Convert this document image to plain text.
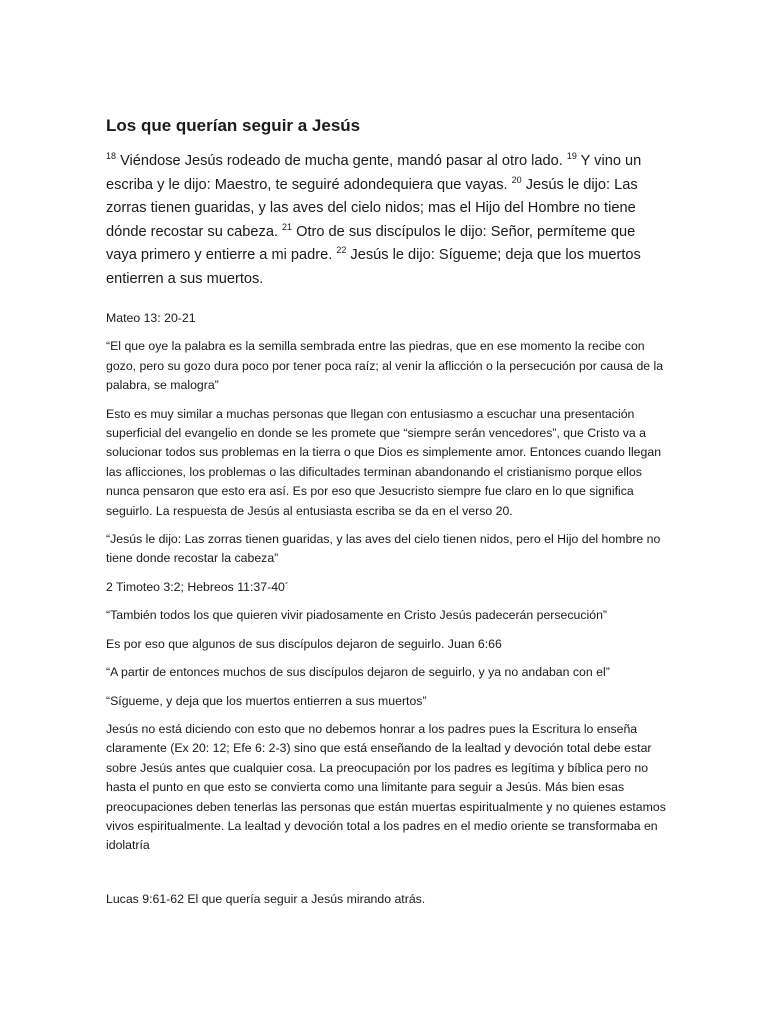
Los que querían seguir a Jesús

$^{18}$ Viéndose Jesús rodeado de mucha gente, mandó pasar al otro lado. $^{19}$ Y vino un escriba y le dijo: Maestro, te seguiré adondequiera que vayas. $^{20}$ Jesús le dijo: Las zorras tienen guaridas, y las aves del cielo nidos; mas el Hijo del Hombre no tiene dónde recostar su cabeza. $^{21}$ Otro de sus discípulos le dijo: Señor, permíteme que vaya primero y entierre a mi padre. $^{22}$ Jesús le dijo: Sígueme; deja que los muertos entierren a sus muertos.

Mateo 13: 20-21

“El que oye la palabra es la semilla sembrada entre las piedras, que en ese momento la recibe con gozo, pero su gozo dura poco por tener poca raíz; al venir la aflicción o la persecución por causa de la palabra, se malogra”

Esto es muy similar a muchas personas que llegan con entusiasmo a escuchar una presentación superficial del evangelio en donde se les promete que “siempre serán vencedores”, que Cristo va a solucionar todos sus problemas en la tierra o que Dios es simplemente amor. Entonces cuando llegan las aflicciones, los problemas o las dificultades terminan abandonando el cristianismo porque ellos nunca pensaron que esto era así. Es por eso que Jesucristo siempre fue claro en lo que significa seguirlo. La respuesta de Jesús al entusiasta escriba se da en el verso 20.

“Jesús le dijo: Las zorras tienen guaridas, y las aves del cielo tienen nidos, pero el Hijo del hombre no tiene donde recostar la cabeza”

2 Timoteo 3:2; Hebreos 11:37-40´

“También todos los que quieren vivir piadosamente en Cristo Jesús padecerán persecución”

Es por eso que algunos de sus discípulos dejaron de seguirlo. Juan 6:66

“A partir de entonces muchos de sus discípulos dejaron de seguirlo, y ya no andaban con el”

“Sígueme, y deja que los muertos entierren a sus muertos”

Jesús no está diciendo con esto que no debemos honrar a los padres pues la Escritura lo enseña claramente (Ex 20: 12; Efe 6: 2-3) sino que está enseñando de la lealtad y devoción total debe estar sobre Jesús antes que cualquier cosa. La preocupación por los padres es legítima y bíblica pero no hasta el punto en que esto se convierta como una limitante para seguir a Jesús. Más bien esas preocupaciones deben tenerlas las personas que están muertas espiritualmente y no quienes estamos vivos espiritualmente. La lealtad y devoción total a los padres en el medio oriente se transformaba en idolatría

Lucas 9:61-62 El que quería seguir a Jesús mirando atrás.
